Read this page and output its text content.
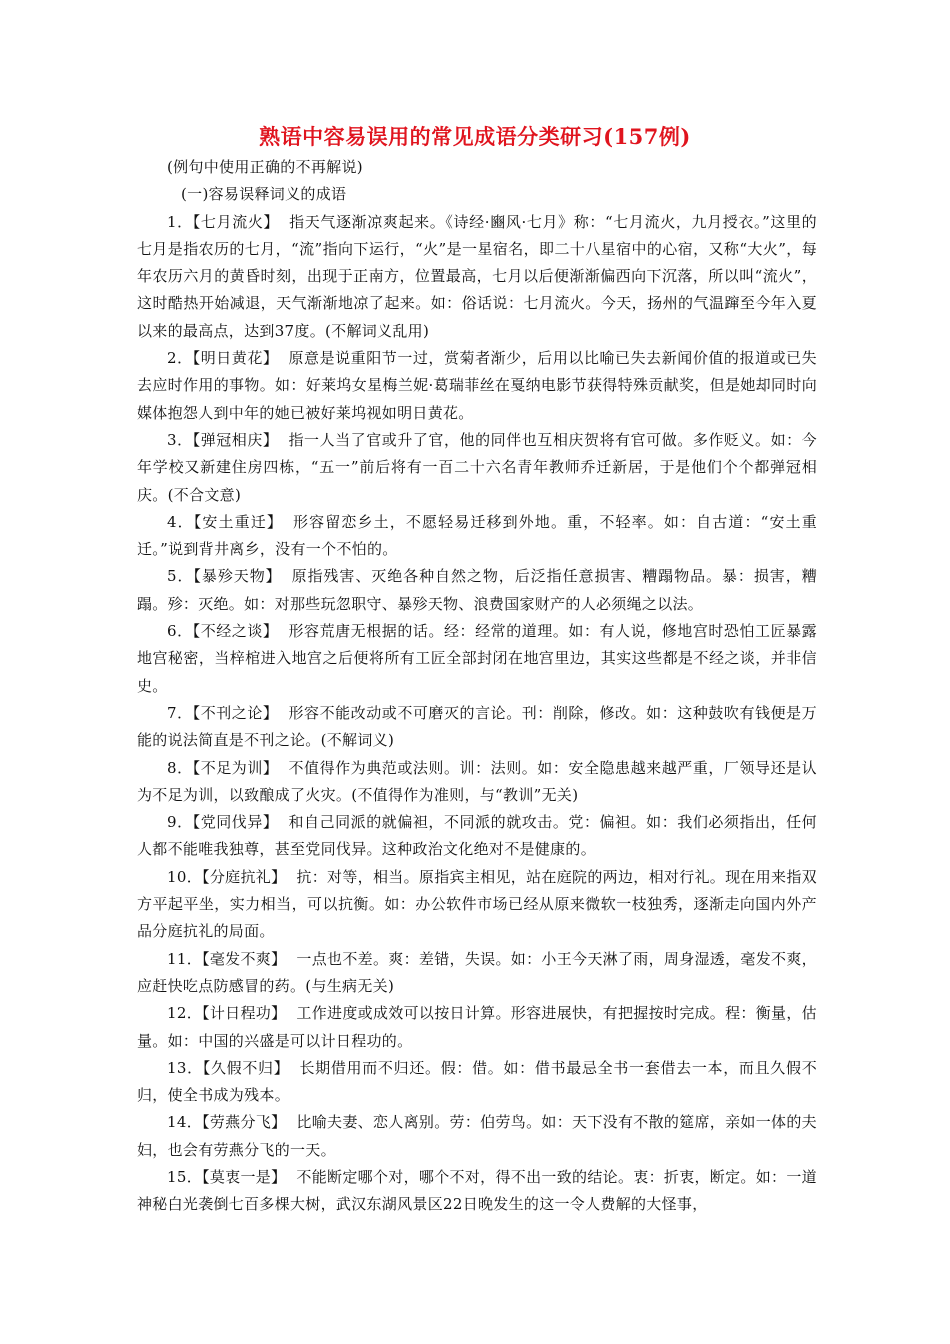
熟语中容易误用的常见成语分类研习(157例)

(例句中使用正确的不再解说)

(一)容易误释词义的成语

1．【七月流火】 指天气逐渐凉爽起来。《诗经·豳风·七月》称：“七月流火，九月授衣。”这里的七月是指农历的七月，“流”指向下运行，“火”是一星宿名，即二十八星宿中的心宿，又称“大火”，每年农历六月的黄昏时刻，出现于正南方，位置最高，七月以后便渐渐偏西向下沉落，所以叫“流火”，这时酷热开始减退，天气渐渐地凉了起来。如：俗话说：七月流火。今天，扬州的气温蹿至今年入夏以来的最高点，达到37度。(不解词义乱用)

2．【明日黄花】 原意是说重阳节一过，赏菊者渐少，后用以比喻已失去新闻价值的报道或已失去应时作用的事物。如：好莱坞女星梅兰妮·葛瑞菲丝在戛纳电影节获得特殊贡献奖，但是她却同时向媒体抱怨人到中年的她已被好莱坞视如明日黄花。

3．【弹冠相庆】 指一人当了官或升了官，他的同伴也互相庆贺将有官可做。多作贬义。如：今年学校又新建住房四栋，“五一”前后将有一百二十六名青年教师乔迁新居，于是他们个个都弹冠相庆。(不合文意)

4．【安土重迁】 形容留恋乡土，不愿轻易迁移到外地。重，不轻率。如：自古道：“安土重迁。”说到背井离乡，没有一个不怕的。

5．【暴殄天物】 原指残害、灭绝各种自然之物，后泛指任意损害、糟蹋物品。暴：损害，糟蹋。殄：灭绝。如：对那些玩忽职守、暴殄天物、浪费国家财产的人必须绳之以法。

6．【不经之谈】 形容荒唐无根据的话。经：经常的道理。如：有人说，修地宫时恐怕工匠暴露地宫秘密，当梓棺进入地宫之后便将所有工匠全部封闭在地宫里边，其实这些都是不经之谈，并非信史。

7．【不刊之论】 形容不能改动或不可磨灭的言论。刊：削除，修改。如：这种鼓吹有钱便是万能的说法简直是不刊之论。(不解词义)

8．【不足为训】 不值得作为典范或法则。训：法则。如：安全隐患越来越严重，厂领导还是认为不足为训，以致酿成了火灾。(不值得作为准则，与“教训”无关)

9．【党同伐异】 和自己同派的就偏袒，不同派的就攻击。党：偏袒。如：我们必须指出，任何人都不能唯我独尊，甚至党同伐异。这种政治文化绝对不是健康的。

10．【分庭抗礼】 抗：对等，相当。原指宾主相见，站在庭院的两边，相对行礼。现在用来指双方平起平坐，实力相当，可以抗衡。如：办公软件市场已经从原来微软一枝独秀，逐渐走向国内外产品分庭抗礼的局面。

11．【毫发不爽】 一点也不差。爽：差错，失误。如：小王今天淋了雨，周身湿透，毫发不爽，应赶快吃点防感冒的药。(与生病无关)

12．【计日程功】 工作进度或成效可以按日计算。形容进展快，有把握按时完成。程：衡量，估量。如：中国的兴盛是可以计日程功的。

13．【久假不归】 长期借用而不归还。假：借。如：借书最忌全书一套借去一本，而且久假不归，使全书成为残本。

14．【劳燕分飞】 比喻夫妻、恋人离别。劳：伯劳鸟。如：天下没有不散的筵席，亲如一体的夫妇，也会有劳燕分飞的一天。

15．【莫衷一是】 不能断定哪个对，哪个不对，得不出一致的结论。衷：折衷，断定。如：一道神秘白光袭倒七百多棵大树，武汉东湖风景区22日晚发生的这一令人费解的大怪事，
